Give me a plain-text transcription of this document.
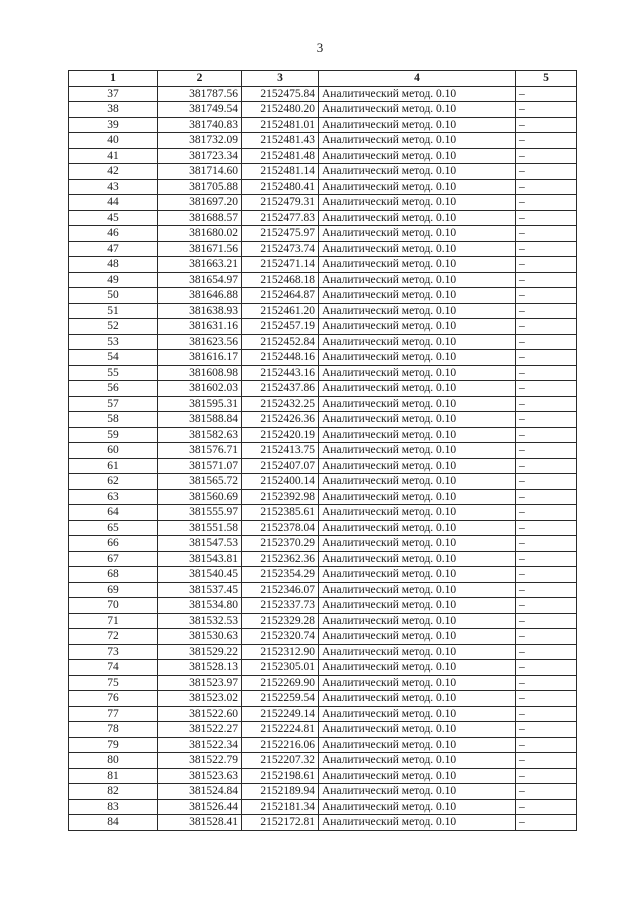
3
1	2	3	4	5
37	381787.56	2152475.84	Аналитический метод. 0.10	–
38	381749.54	2152480.20	Аналитический метод. 0.10	–
39	381740.83	2152481.01	Аналитический метод. 0.10	–
40	381732.09	2152481.43	Аналитический метод. 0.10	–
41	381723.34	2152481.48	Аналитический метод. 0.10	–
42	381714.60	2152481.14	Аналитический метод. 0.10	–
43	381705.88	2152480.41	Аналитический метод. 0.10	–
44	381697.20	2152479.31	Аналитический метод. 0.10	–
45	381688.57	2152477.83	Аналитический метод. 0.10	–
46	381680.02	2152475.97	Аналитический метод. 0.10	–
47	381671.56	2152473.74	Аналитический метод. 0.10	–
48	381663.21	2152471.14	Аналитический метод. 0.10	–
49	381654.97	2152468.18	Аналитический метод. 0.10	–
50	381646.88	2152464.87	Аналитический метод. 0.10	–
51	381638.93	2152461.20	Аналитический метод. 0.10	–
52	381631.16	2152457.19	Аналитический метод. 0.10	–
53	381623.56	2152452.84	Аналитический метод. 0.10	–
54	381616.17	2152448.16	Аналитический метод. 0.10	–
55	381608.98	2152443.16	Аналитический метод. 0.10	–
56	381602.03	2152437.86	Аналитический метод. 0.10	–
57	381595.31	2152432.25	Аналитический метод. 0.10	–
58	381588.84	2152426.36	Аналитический метод. 0.10	–
59	381582.63	2152420.19	Аналитический метод. 0.10	–
60	381576.71	2152413.75	Аналитический метод. 0.10	–
61	381571.07	2152407.07	Аналитический метод. 0.10	–
62	381565.72	2152400.14	Аналитический метод. 0.10	–
63	381560.69	2152392.98	Аналитический метод. 0.10	–
64	381555.97	2152385.61	Аналитический метод. 0.10	–
65	381551.58	2152378.04	Аналитический метод. 0.10	–
66	381547.53	2152370.29	Аналитический метод. 0.10	–
67	381543.81	2152362.36	Аналитический метод. 0.10	–
68	381540.45	2152354.29	Аналитический метод. 0.10	–
69	381537.45	2152346.07	Аналитический метод. 0.10	–
70	381534.80	2152337.73	Аналитический метод. 0.10	–
71	381532.53	2152329.28	Аналитический метод. 0.10	–
72	381530.63	2152320.74	Аналитический метод. 0.10	–
73	381529.22	2152312.90	Аналитический метод. 0.10	–
74	381528.13	2152305.01	Аналитический метод. 0.10	–
75	381523.97	2152269.90	Аналитический метод. 0.10	–
76	381523.02	2152259.54	Аналитический метод. 0.10	–
77	381522.60	2152249.14	Аналитический метод. 0.10	–
78	381522.27	2152224.81	Аналитический метод. 0.10	–
79	381522.34	2152216.06	Аналитический метод. 0.10	–
80	381522.79	2152207.32	Аналитический метод. 0.10	–
81	381523.63	2152198.61	Аналитический метод. 0.10	–
82	381524.84	2152189.94	Аналитический метод. 0.10	–
83	381526.44	2152181.34	Аналитический метод. 0.10	–
84	381528.41	2152172.81	Аналитический метод. 0.10	–
